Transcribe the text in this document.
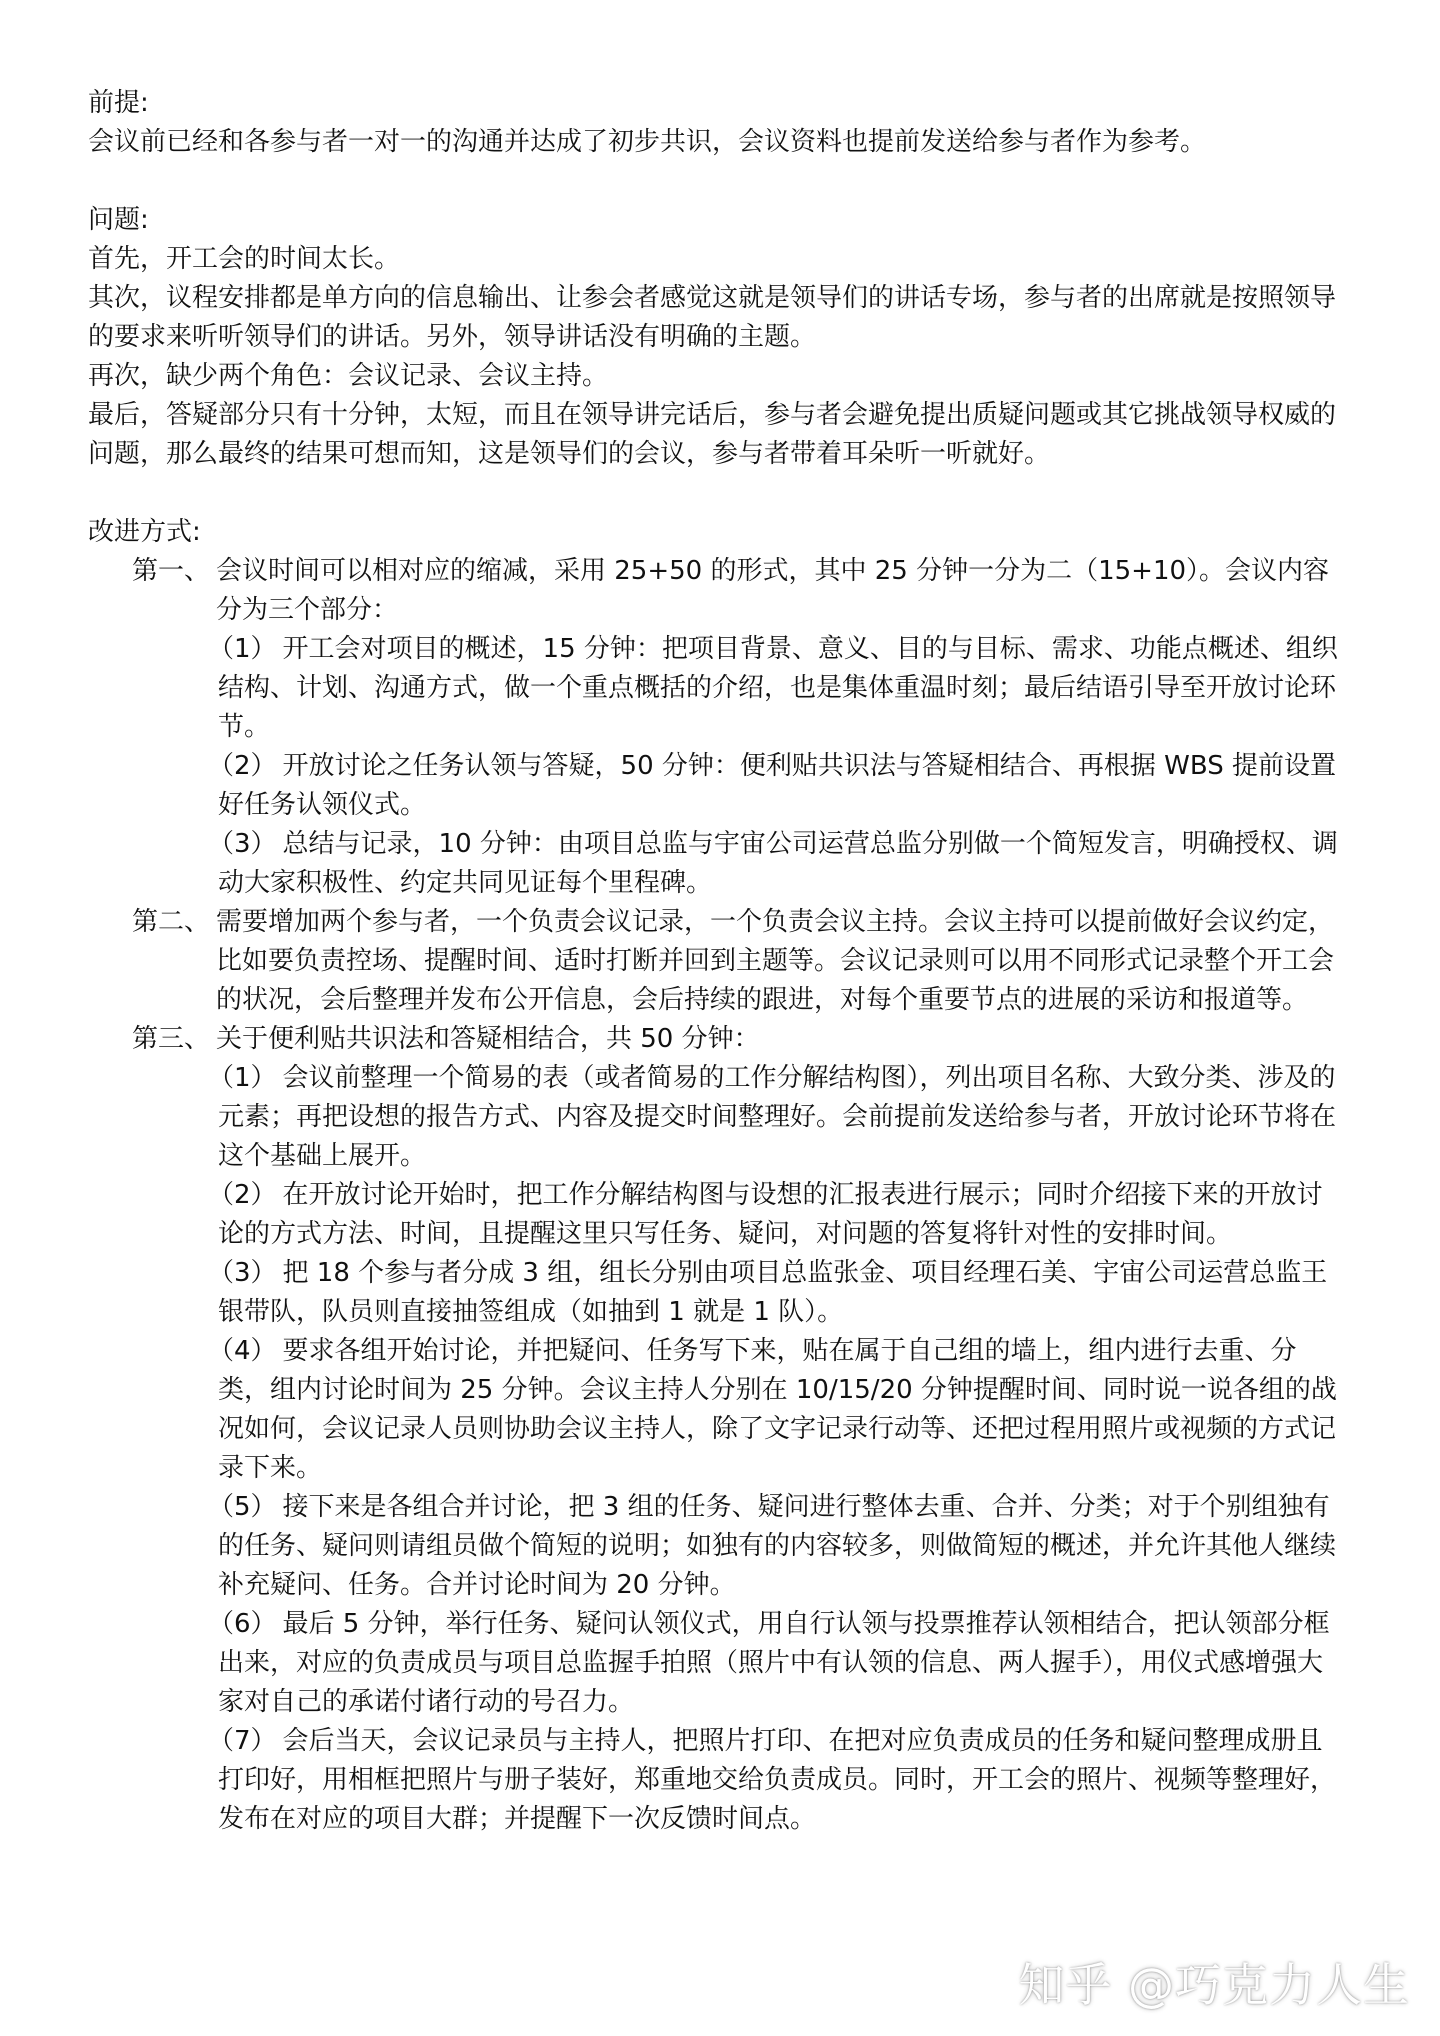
前提:

会议前已经和各参与者一对一的沟通并达成了初步共识，会议资料也提前发送给参与者作为参考。

问题:

首先，开工会的时间太长。

其次，议程安排都是单方向的信息输出、让参会者感觉这就是领导们的讲话专场，参与者的出席就是按照领导的要求来听听领导们的讲话。另外，领导讲话没有明确的主题。

再次，缺少两个角色：会议记录、会议主持。

最后，答疑部分只有十分钟，太短，而且在领导讲完话后，参与者会避免提出质疑问题或其它挑战领导权威的问题，那么最终的结果可想而知，这是领导们的会议，参与者带着耳朵听一听就好。

改进方式:

第一、 会议时间可以相对应的缩减，采用 25+50 的形式，其中 25 分钟一分为二（15+10）。会议内容分为三个部分：
（1） 开工会对项目的概述，15 分钟：把项目背景、意义、目的与目标、需求、功能点概述、组织结构、计划、沟通方式，做一个重点概括的介绍，也是集体重温时刻；最后结语引导至开放讨论环节。
（2） 开放讨论之任务认领与答疑，50 分钟：便利贴共识法与答疑相结合、再根据 WBS 提前设置好任务认领仪式。
（3） 总结与记录，10 分钟：由项目总监与宇宙公司运营总监分别做一个简短发言，明确授权、调动大家积极性、约定共同见证每个里程碑。
第二、 需要增加两个参与者，一个负责会议记录，一个负责会议主持。会议主持可以提前做好会议约定，比如要负责控场、提醒时间、适时打断并回到主题等。会议记录则可以用不同形式记录整个开工会的状况，会后整理并发布公开信息，会后持续的跟进，对每个重要节点的进展的采访和报道等。
第三、 关于便利贴共识法和答疑相结合，共 50 分钟：
（1） 会议前整理一个简易的表（或者简易的工作分解结构图），列出项目名称、大致分类、涉及的元素；再把设想的报告方式、内容及提交时间整理好。会前提前发送给参与者，开放讨论环节将在这个基础上展开。
（2） 在开放讨论开始时，把工作分解结构图与设想的汇报表进行展示；同时介绍接下来的开放讨论的方式方法、时间，且提醒这里只写任务、疑问，对问题的答复将针对性的安排时间。
（3） 把 18 个参与者分成 3 组，组长分别由项目总监张金、项目经理石美、宇宙公司运营总监王银带队，队员则直接抽签组成（如抽到 1 就是 1 队）。
（4） 要求各组开始讨论，并把疑问、任务写下来，贴在属于自己组的墙上，组内进行去重、分类，组内讨论时间为 25 分钟。会议主持人分别在 10/15/20 分钟提醒时间、同时说一说各组的战况如何，会议记录人员则协助会议主持人，除了文字记录行动等、还把过程用照片或视频的方式记录下来。
（5） 接下来是各组合并讨论，把 3 组的任务、疑问进行整体去重、合并、分类；对于个别组独有的任务、疑问则请组员做个简短的说明；如独有的内容较多，则做简短的概述，并允许其他人继续补充疑问、任务。合并讨论时间为 20 分钟。
（6） 最后 5 分钟，举行任务、疑问认领仪式，用自行认领与投票推荐认领相结合，把认领部分框出来，对应的负责成员与项目总监握手拍照（照片中有认领的信息、两人握手），用仪式感增强大家对自己的承诺付诸行动的号召力。
（7） 会后当天，会议记录员与主持人，把照片打印、在把对应负责成员的任务和疑问整理成册且打印好，用相框把照片与册子装好，郑重地交给负责成员。同时，开工会的照片、视频等整理好，发布在对应的项目大群；并提醒下一次反馈时间点。
知乎 @巧克力人生
